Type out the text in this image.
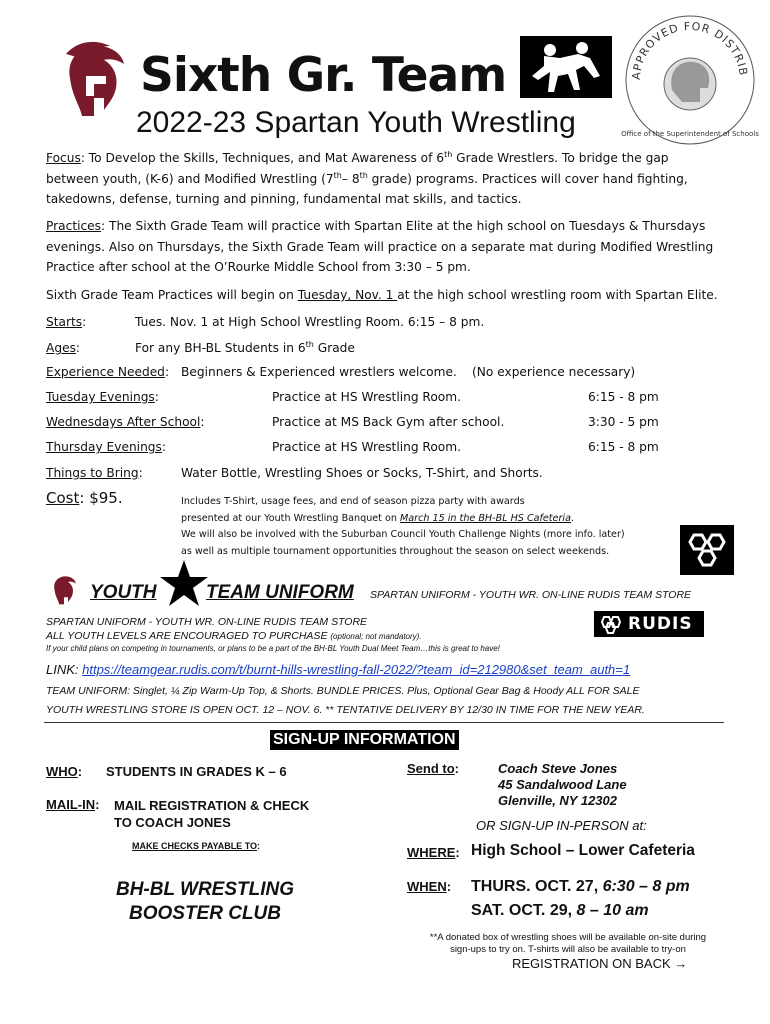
Sixth Gr. Team	APPROVED FOR DISTRIB
Office of the Superintendent of Schools
2022-23 Spartan Youth Wrestling
Focus: To Develop the Skills, Techniques, and Mat Awareness of 6th Grade Wrestlers. To bridge the gap
between youth, (K-6) and Modified Wrestling (7th– 8th grade) programs. Practices will cover hand fighting,
takedowns, defense, turning and pinning, fundamental mat skills, and tactics.
Practices: The Sixth Grade Team will practice with Spartan Elite at the high school on Tuesdays & Thursdays
evenings. Also on Thursdays, the Sixth Grade Team will practice on a separate mat during Modified Wrestling
Practice after school at the O’Rourke Middle School from 3:30 – 5 pm.
Sixth Grade Team Practices will begin on Tuesday, Nov. 1 at the high school wrestling room with Spartan Elite.
Starts:	Tues. Nov. 1 at High School Wrestling Room. 6:15 – 8 pm.
Ages:	For any BH-BL Students in 6th Grade
Experience Needed: Beginners & Experienced wrestlers welcome. (No experience necessary)
Tuesday Evenings:	Practice at HS Wrestling Room.	6:15 - 8 pm
Wednesdays After School:	Practice at MS Back Gym after school.	3:30 - 5 pm
Thursday Evenings:	Practice at HS Wrestling Room.	6:15 - 8 pm
Things to Bring:	Water Bottle, Wrestling Shoes or Socks, T-Shirt, and Shorts.
Cost: $95.	Includes T-Shirt, usage fees, and end of season pizza party with awards
presented at our Youth Wrestling Banquet on March 15 in the BH-BL HS Cafeteria.
We will also be involved with the Suburban Council Youth Challenge Nights (more info. later)
as well as multiple tournament opportunities throughout the season on select weekends.
YOUTH	TEAM UNIFORM SPARTAN UNIFORM - YOUTH WR. ON-LINE RUDIS TEAM STORE
SPARTAN UNIFORM - YOUTH WR. ON-LINE RUDIS TEAM STORE
ALL YOUTH LEVELS ARE ENCOURAGED TO PURCHASE (optional; not mandatory).
If your child plans on competing in tournaments, or plans to be a part of the BH-BL Youth Dual Meet Team…this is great to have!
RUDIS
LINK: https://teamgear.rudis.com/t/burnt-hills-wrestling-fall-2022/?team_id=212980&set_team_auth=1
TEAM UNIFORM: Singlet, ¼ Zip Warm-Up Top, & Shorts. BUNDLE PRICES. Plus, Optional Gear Bag & Hoody ALL FOR SALE
YOUTH WRESTLING STORE IS OPEN OCT. 12 – NOV. 6. ** TENTATIVE DELIVERY BY 12/30 IN TIME FOR THE NEW YEAR.
SIGN-UP INFORMATION
WHO: STUDENTS IN GRADES K – 6
MAIL-IN: MAIL REGISTRATION & CHECK
TO COACH JONES
MAKE CHECKS PAYABLE TO:
BH-BL WRESTLING
BOOSTER CLUB
Send to:	Coach Steve Jones
45 Sandalwood Lane
Glenville, NY 12302
OR SIGN-UP IN-PERSON at:
WHERE: High School – Lower Cafeteria
WHEN: THURS. OCT. 27, 6:30 – 8 pm
SAT. OCT. 29, 8 – 10 am
**A donated box of wrestling shoes will be available on-site during
sign-ups to try on. T-shirts will also be available to try-on
REGISTRATION ON BACK →
